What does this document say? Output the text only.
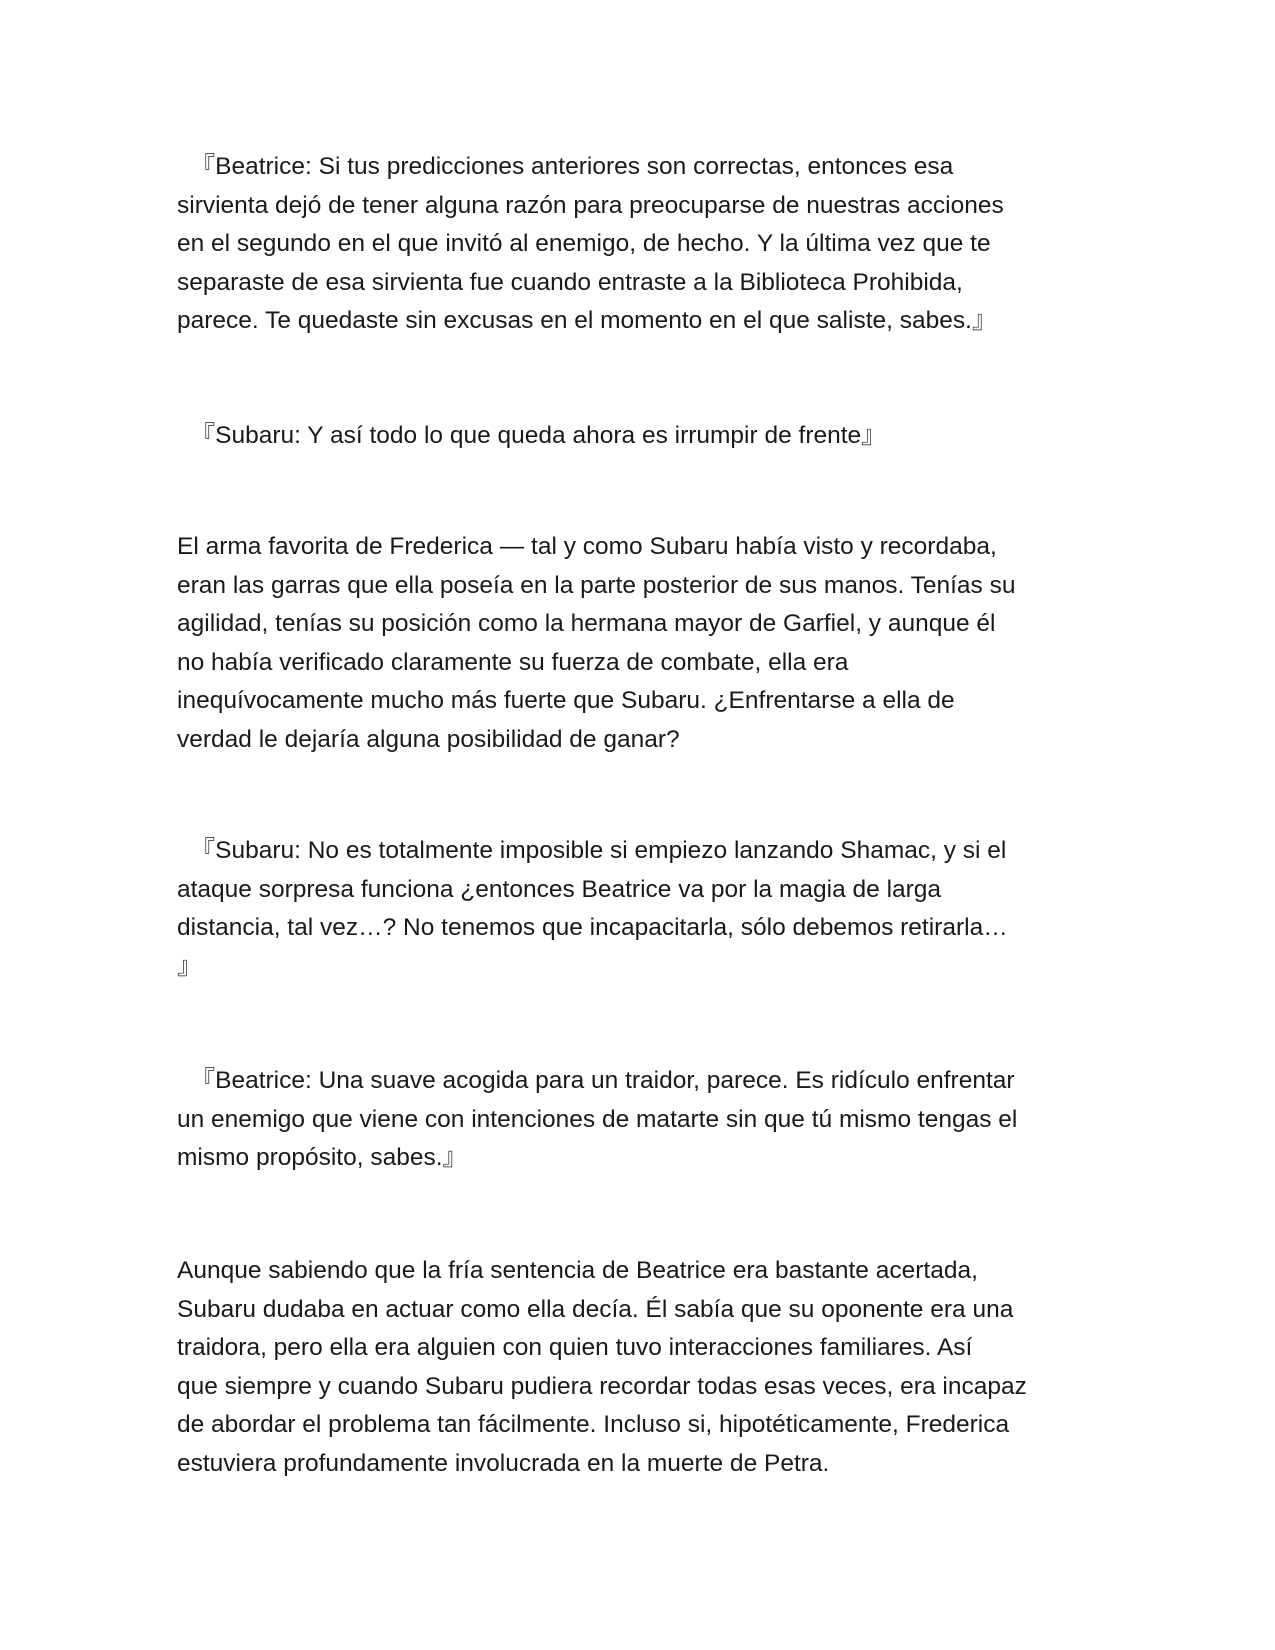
『Beatrice: Si tus predicciones anteriores son correctas, entonces esa
sirvienta dejó de tener alguna razón para preocuparse de nuestras acciones
en el segundo en el que invitó al enemigo, de hecho. Y la última vez que te
separaste de esa sirvienta fue cuando entraste a la Biblioteca Prohibida,
parece. Te quedaste sin excusas en el momento en el que saliste, sabes.』

『Subaru: Y así todo lo que queda ahora es irrumpir de frente』

El arma favorita de Frederica — tal y como Subaru había visto y recordaba,
eran las garras que ella poseía en la parte posterior de sus manos. Tenías su
agilidad, tenías su posición como la hermana mayor de Garfiel, y aunque él
no había verificado claramente su fuerza de combate, ella era
inequívocamente mucho más fuerte que Subaru. ¿Enfrentarse a ella de
verdad le dejaría alguna posibilidad de ganar?

『Subaru: No es totalmente imposible si empiezo lanzando Shamac, y si el
ataque sorpresa funciona ¿entonces Beatrice va por la magia de larga
distancia, tal vez…? No tenemos que incapacitarla, sólo debemos retirarla…
』

『Beatrice: Una suave acogida para un traidor, parece. Es ridículo enfrentar
un enemigo que viene con intenciones de matarte sin que tú mismo tengas el
mismo propósito, sabes.』

Aunque sabiendo que la fría sentencia de Beatrice era bastante acertada,
Subaru dudaba en actuar como ella decía. Él sabía que su oponente era una
traidora, pero ella era alguien con quien tuvo interacciones familiares. Así
que siempre y cuando Subaru pudiera recordar todas esas veces, era incapaz
de abordar el problema tan fácilmente. Incluso si, hipotéticamente, Frederica
estuviera profundamente involucrada en la muerte de Petra.
